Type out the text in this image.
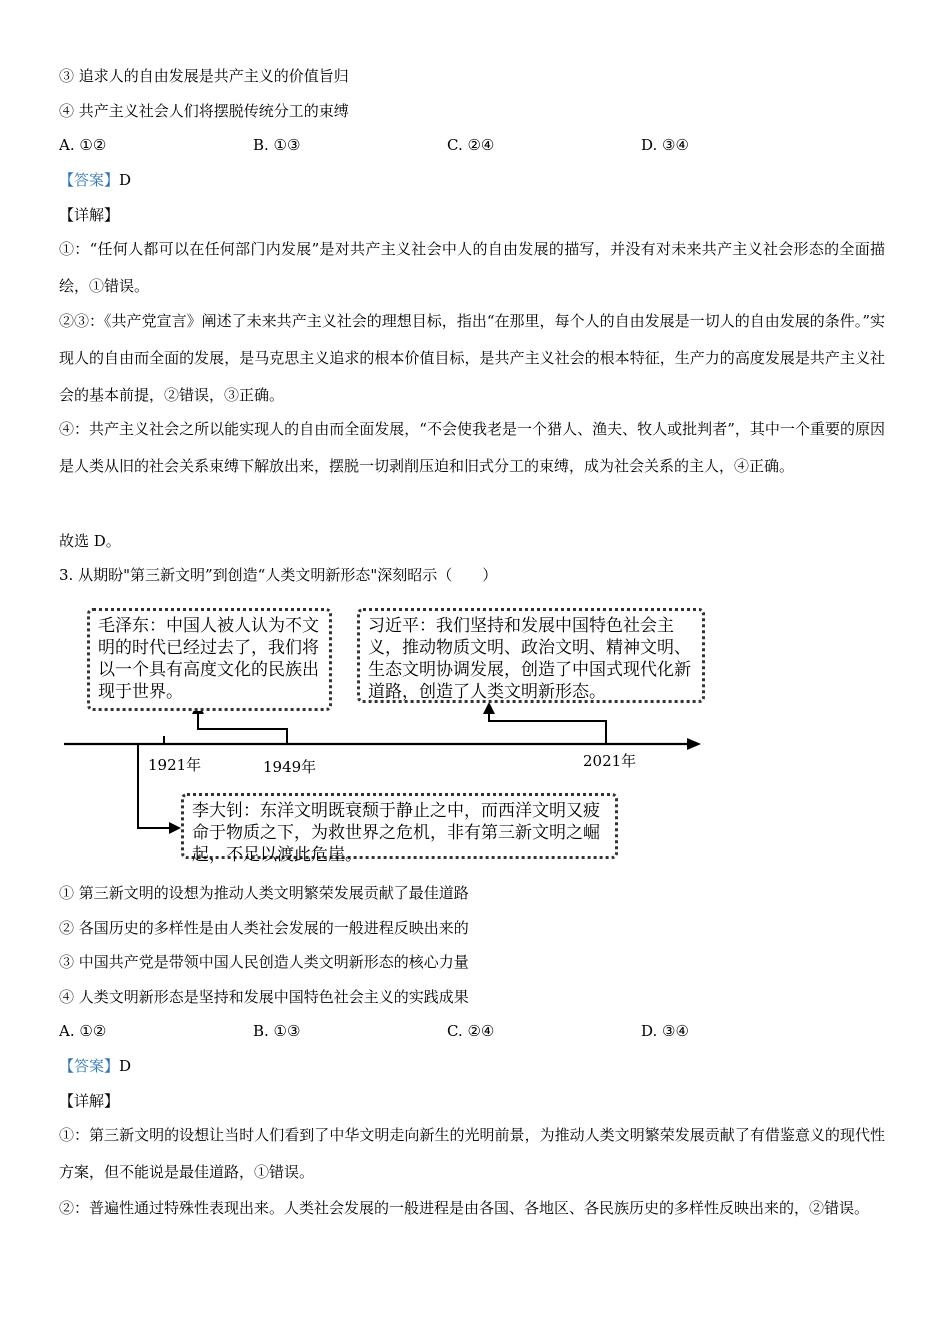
③ 追求人的自由发展是共产主义的价值旨归
④ 共产主义社会人们将摆脱传统分工的束缚
A. ①②	B. ①③	C. ②④	D. ③④
【答案】D
【详解】
①：“任何人都可以在任何部门内发展”是对共产主义社会中人的自由发展的描写，并没有对未来共产主义社会形态的全面描绘，①错误。
②③：《共产党宣言》阐述了未来共产主义社会的理想目标，指出“在那里，每个人的自由发展是一切人的自由发展的条件。”实现人的自由而全面的发展，是马克思主义追求的根本价值目标，是共产主义社会的根本特征，生产力的高度发展是共产主义社会的基本前提，②错误，③正确。
④：共产主义社会之所以能实现人的自由而全面发展，“不会使我老是一个猎人、渔夫、牧人或批判者”，其中一个重要的原因是人类从旧的社会关系束缚下解放出来，摆脱一切剥削压迫和旧式分工的束缚，成为社会关系的主人，④正确。
故选 D。
3. 从期盼"第三新文明”到创造“人类文明新形态"深刻昭示（　　）
毛泽东：中国人被人认为不文明的时代已经过去了，我们将以一个具有高度文化的民族出现于世界。
习近平：我们坚持和发展中国特色社会主义，推动物质文明、政治文明、精神文明、生态文明协调发展，创造了中国式现代化新道路，创造了人类文明新形态。
李大钊：东洋文明既衰颓于静止之中，而西洋文明又疲命于物质之下，为救世界之危机，非有第三新文明之崛起，不足以渡此危崖。
1921年	1949年	2021年
① 第三新文明的设想为推动人类文明繁荣发展贡献了最佳道路
② 各国历史的多样性是由人类社会发展的一般进程反映出来的
③ 中国共产党是带领中国人民创造人类文明新形态的核心力量
④ 人类文明新形态是坚持和发展中国特色社会主义的实践成果
A. ①②	B. ①③	C. ②④	D. ③④
【答案】D
【详解】
①：第三新文明的设想让当时人们看到了中华文明走向新生的光明前景，为推动人类文明繁荣发展贡献了有借鉴意义的现代性方案，但不能说是最佳道路，①错误。
②：普遍性通过特殊性表现出来。人类社会发展的一般进程是由各国、各地区、各民族历史的多样性反映出来的，②错误。
